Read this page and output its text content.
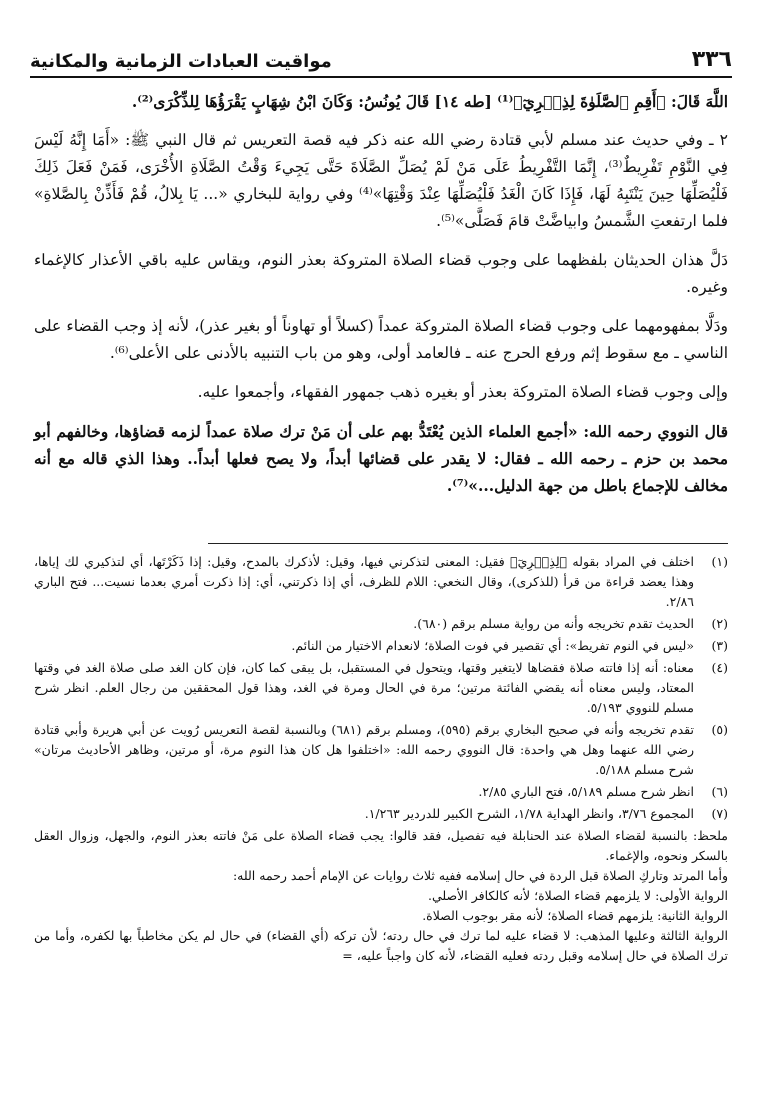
٣٣٦
مواقيت العبادات الزمانية والمكانية

اللَّهَ قَالَ: ﴿أَقِمِ ٱلصَّلَوٰةَ لِذِكۡرِيٓ﴾⁽¹⁾ [طه ١٤] قَالَ يُونُسُ: وَكَانَ ابْنُ شِهَابٍ يَقْرَؤُهَا لِلذِّكْرَى⁽²⁾.

٢ ـ وفي حديث عند مسلم لأبي قتادة رضي الله عنه ذكر فيه قصة التعريس ثم قال النبي ﷺ: «أَمَا إِنَّهُ لَيْسَ فِي النَّوْمِ تَفْرِيطٌ⁽³⁾، إِنَّمَا التَّفْرِيطُ عَلَى مَنْ لَمْ يُصَلِّ الصَّلَاةَ حَتَّى يَجِيءَ وَقْتُ الصَّلَاةِ الأُخْرَى، فَمَنْ فَعَلَ ذَلِكَ فَلْيُصَلِّهَا حِينَ يَنْتَبِهُ لَهَا، فَإِذَا كَانَ الْغَدُ فَلْيُصَلِّهَا عِنْدَ وَقْتِهَا»⁽⁴⁾ وفي رواية للبخاري «... يَا بِلالُ، قُمْ فَأَذِّنْ بِالصَّلاةِ» فلما ارتفعتِ الشَّمسُ وابياضَّتْ قامَ فَصَلَّى»⁽⁵⁾.

دَلَّ هذان الحديثان بلفظهما على وجوب قضاء الصلاة المتروكة بعذر النوم، ويقاس عليه باقي الأعذار كالإغماء وغيره.

ودَلَّا بمفهومهما على وجوب قضاء الصلاة المتروكة عمداً (كسلاً أو تهاوناً أو بغير عذر)، لأنه إذ وجب القضاء على الناسي ـ مع سقوط إثم ورفع الحرج عنه ـ فالعامد أولى، وهو من باب التنبيه بالأدنى على الأعلى⁽⁶⁾.

وإلى وجوب قضاء الصلاة المتروكة بعذر أو بغيره ذهب جمهور الفقهاء، وأجمعوا عليه.

قال النووي رحمه الله: «أجمع العلماء الذين يُعْتَدُّ بهم على أن مَنْ ترك صلاة عمداً لزمه قضاؤها، وخالفهم أبو محمد بن حزم ـ رحمه الله ـ فقال: لا يقدر على قضائها أبداً، ولا يصح فعلها أبداً.. وهذا الذي قاله مع أنه مخالف للإجماع باطل من جهة الدليل...»⁽⁷⁾.

(١)
اختلف في المراد بقوله ﴿لِذِكۡرِيٓ﴾ فقيل: المعنى لتذكرني فيها، وقيل: لأذكرك بالمدح، وقيل: إذا ذَكَرْتَها، أي لتذكيري لك إياها، وهذا يعضد قراءة من قرأ (للذكرى)، وقال النخعي: اللام للظرف، أي إذا ذكرتني، أي: إذا ذكرت أمري بعدما نسيت... فتح الباري ٢/٨٦.
(٢)
الحديث تقدم تخريجه وأنه من رواية مسلم برقم (٦٨٠).
(٣)
«ليس في النوم تفريط»: أي تقصير في فوت الصلاة؛ لانعدام الاختيار من النائم.
(٤)
معناه: أنه إذا فاتته صلاة فقضاها لايتغير وقتها، ويتحول في المستقبل، بل يبقى كما كان، فإن كان الغد صلى صلاة الغد في وقتها المعتاد، وليس معناه أنه يقضي الفائتة مرتين؛ مرة في الحال ومرة في الغد، وهذا قول المحققين من رجال العلم. انظر شرح مسلم للنووي ٥/١٩٣.
(٥)
تقدم تخريجه وأنه في صحيح البخاري برقم (٥٩٥)، ومسلم برقم (٦٨١) وبالنسبة لقصة التعريس رُويت عن أبي هريرة وأبي قتادة رضي الله عنهما وهل هي واحدة: قال النووي رحمه الله: «اختلفوا هل كان هذا النوم مرة، أو مرتين، وظاهر الأحاديث مرتان» شرح مسلم ٥/١٨٨.
(٦)
انظر شرح مسلم ٥/١٨٩، فتح الباري ٢/٨٥.
(٧)
المجموع ٣/٧٦، وانظر الهداية ١/٧٨، الشرح الكبير للدردير ١/٢٦٣.

ملحظ: بالنسبة لقضاء الصلاة عند الحنابلة فيه تفصيل، فقد قالوا: يجب قضاء الصلاة على مَنْ فاتته بعذر النوم، والجهل، وزوال العقل بالسكر ونحوه، والإغماء.

وأما المرتد وتاركِ الصلاة قبل الردة في حال إسلامه ففيه ثلاث روايات عن الإمام أحمد رحمه الله:

الرواية الأولى: لا يلزمهم قضاء الصلاة؛ لأنه كالكافر الأصلي.

الرواية الثانية: يلزمهم قضاء الصلاة؛ لأنه مقر بوجوب الصلاة.

الرواية الثالثة وعليها المذهب: لا قضاء عليه لما ترك في حال ردته؛ لأن تركه (أي القضاء) في حال لم يكن مخاطباً بها لكفره، وأما من ترك الصلاة في حال إسلامه وقبل ردته فعليه القضاء، لأنه كان واجباً عليه، =
